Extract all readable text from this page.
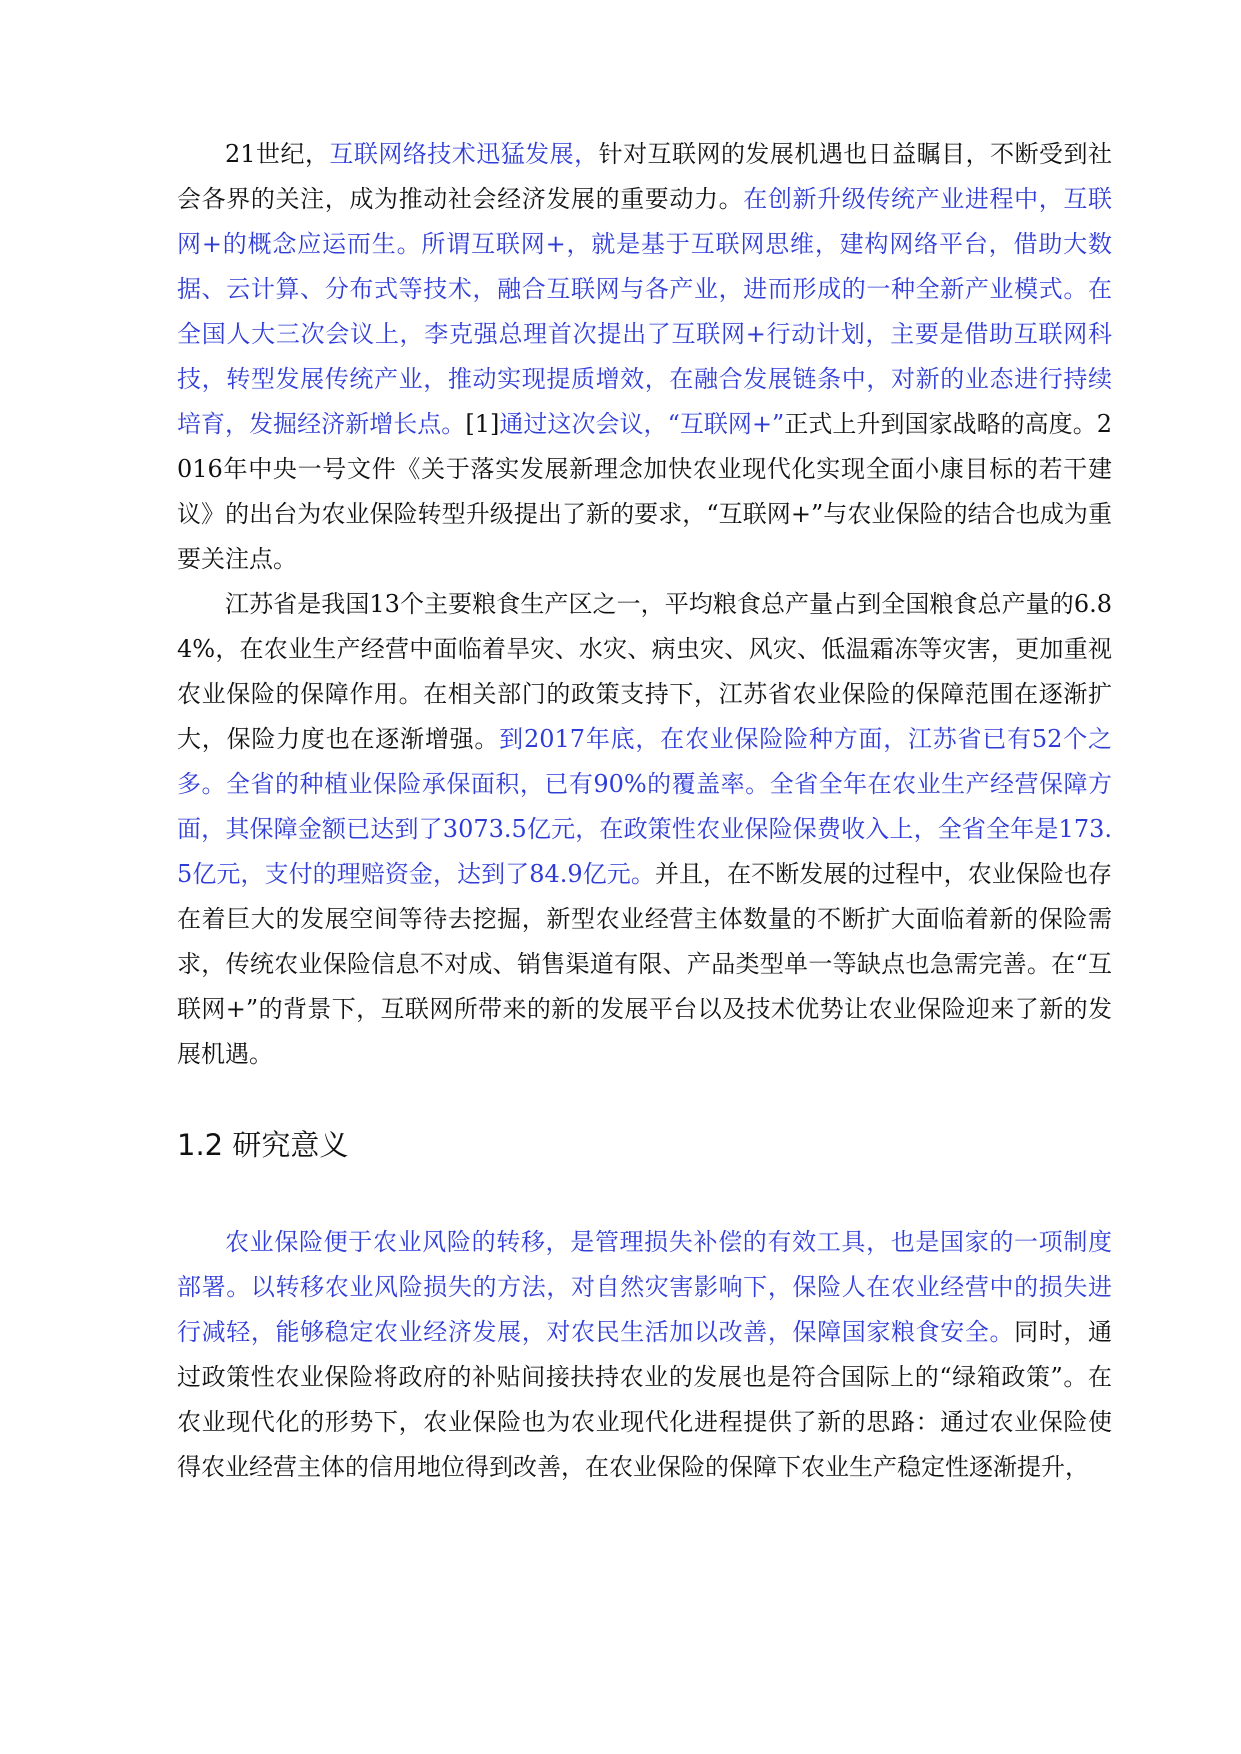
21世纪，互联网络技术迅猛发展，针对互联网的发展机遇也日益瞩目，不断受到社会各界的关注，成为推动社会经济发展的重要动力。在创新升级传统产业进程中，互联网+的概念应运而生。所谓互联网+，就是基于互联网思维，建构网络平台，借助大数据、云计算、分布式等技术，融合互联网与各产业，进而形成的一种全新产业模式。在全国人大三次会议上，李克强总理首次提出了互联网+行动计划，主要是借助互联网科技，转型发展传统产业，推动实现提质增效，在融合发展链条中，对新的业态进行持续培育，发掘经济新增长点。[1]通过这次会议，“互联网+”正式上升到国家战略的高度。2016年中央一号文件《关于落实发展新理念加快农业现代化实现全面小康目标的若干建议》的出台为农业保险转型升级提出了新的要求，“互联网+”与农业保险的结合也成为重要关注点。

江苏省是我国13个主要粮食生产区之一，平均粮食总产量占到全国粮食总产量的6.84%，在农业生产经营中面临着旱灾、水灾、病虫灾、风灾、低温霜冻等灾害，更加重视农业保险的保障作用。在相关部门的政策支持下，江苏省农业保险的保障范围在逐渐扩大，保险力度也在逐渐增强。到2017年底，在农业保险险种方面，江苏省已有52个之多。全省的种植业保险承保面积，已有90%的覆盖率。全省全年在农业生产经营保障方面，其保障金额已达到了3073.5亿元，在政策性农业保险保费收入上，全省全年是173.5亿元，支付的理赔资金，达到了84.9亿元。并且，在不断发展的过程中，农业保险也存在着巨大的发展空间等待去挖掘，新型农业经营主体数量的不断扩大面临着新的保险需求，传统农业保险信息不对成、销售渠道有限、产品类型单一等缺点也急需完善。在“互联网+”的背景下，互联网所带来的新的发展平台以及技术优势让农业保险迎来了新的发展机遇。

1.2 研究意义

农业保险便于农业风险的转移，是管理损失补偿的有效工具，也是国家的一项制度部署。以转移农业风险损失的方法，对自然灾害影响下，保险人在农业经营中的损失进行减轻，能够稳定农业经济发展，对农民生活加以改善，保障国家粮食安全。同时，通过政策性农业保险将政府的补贴间接扶持农业的发展也是符合国际上的“绿箱政策”。在农业现代化的形势下，农业保险也为农业现代化进程提供了新的思路：通过农业保险使得农业经营主体的信用地位得到改善，在农业保险的保障下农业生产稳定性逐渐提升，
